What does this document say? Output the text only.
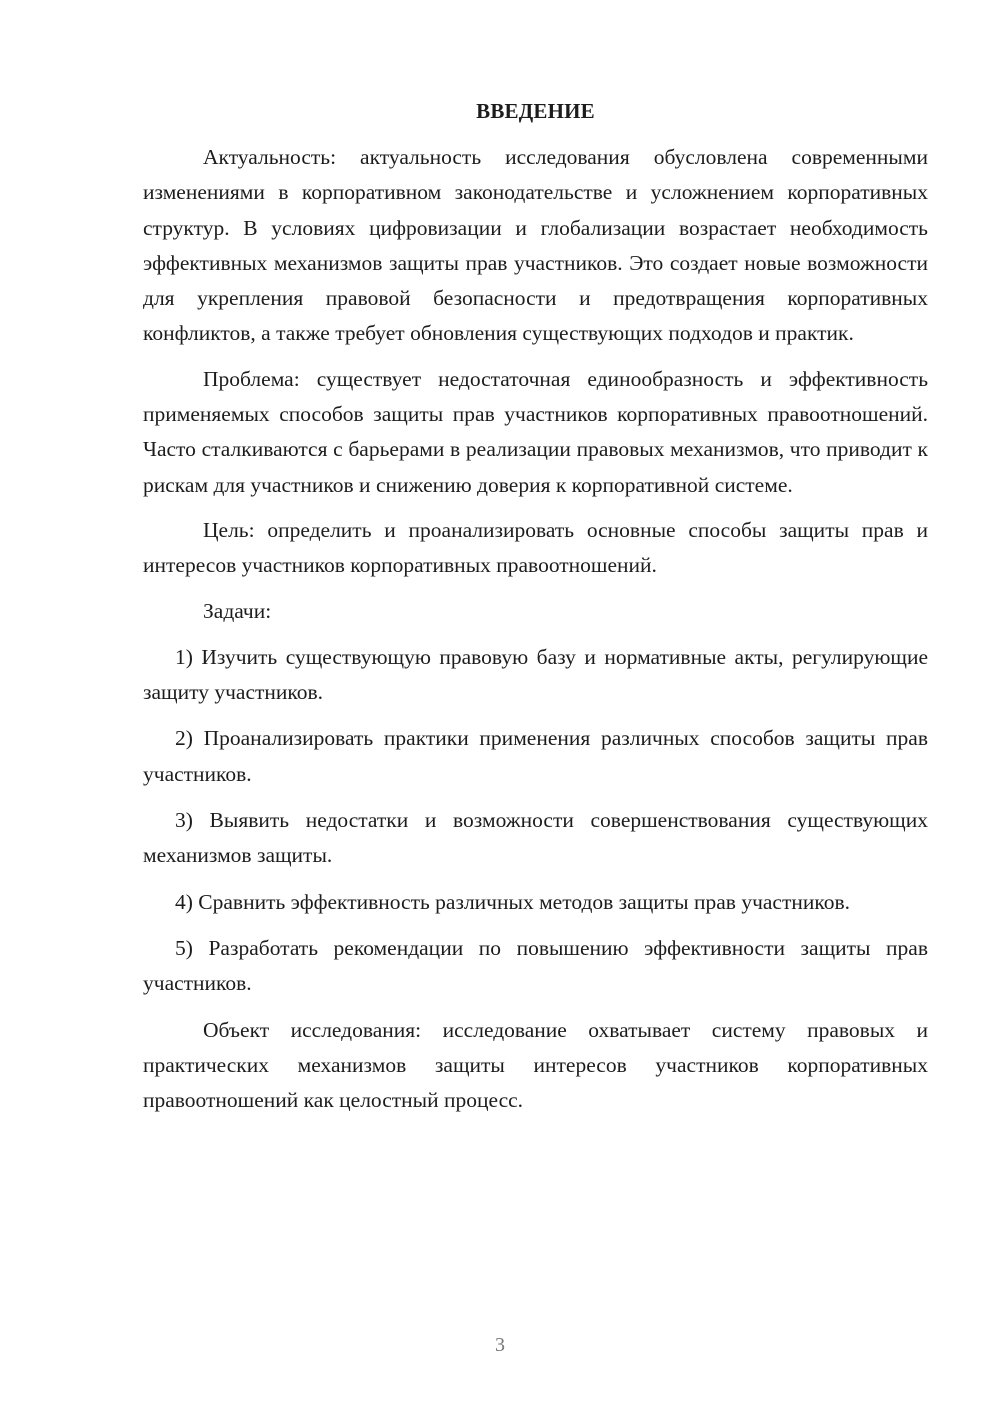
ВВЕДЕНИЕ

Актуальность: актуальность исследования обусловлена современными изменениями в корпоративном законодательстве и усложнением корпоративных структур. В условиях цифровизации и глобализации возрастает необходимость эффективных механизмов защиты прав участников. Это создает новые возможности для укрепления правовой безопасности и предотвращения корпоративных конфликтов, а также требует обновления существующих подходов и практик.

Проблема: существует недостаточная единообразность и эффективность применяемых способов защиты прав участников корпоративных правоотношений. Часто сталкиваются с барьерами в реализации правовых механизмов, что приводит к рискам для участников и снижению доверия к корпоративной системе.

Цель: определить и проанализировать основные способы защиты прав и интересов участников корпоративных правоотношений.

Задачи:

1) Изучить существующую правовую базу и нормативные акты, регулирующие защиту участников.

2) Проанализировать практики применения различных способов защиты прав участников.

3) Выявить недостатки и возможности совершенствования существующих механизмов защиты.

4) Сравнить эффективность различных методов защиты прав участников.

5) Разработать рекомендации по повышению эффективности защиты прав участников.

Объект исследования: исследование охватывает систему правовых и практических механизмов защиты интересов участников корпоративных правоотношений как целостный процесс.

3
